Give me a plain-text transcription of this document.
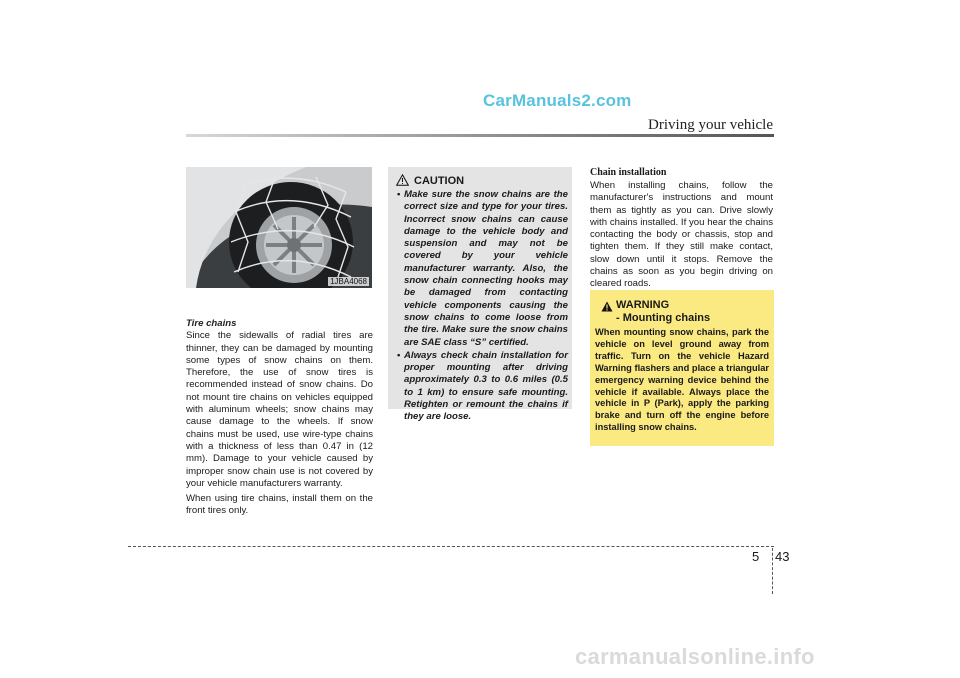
CarManuals2.com
Driving your vehicle
1JBA4068
Tire chains

Since the sidewalls of radial tires are thinner, they can be damaged by mounting some types of snow chains on them. Therefore, the use of snow tires is recommended instead of snow chains. Do not mount tire chains on vehicles equipped with aluminum wheels; snow chains may cause damage to the wheels. If snow chains must be used, use wire-type chains with a thickness of less than 0.47 in (12 mm). Damage to your vehicle caused by improper snow chain use is not covered by your vehicle manufacturers warranty.

When using tire chains, install them on the front tires only.

CAUTION
• Make sure the snow chains are the correct size and type for your tires. Incorrect snow chains can cause damage to the vehicle body and suspension and may not be covered by your vehicle manufacturer warranty. Also, the snow chain connecting hooks may be damaged from contacting vehicle components causing the snow chains to come loose from the tire. Make sure the snow chains are SAE class “S” certified.
• Always check chain installation for proper mounting after driving approximately 0.3 to 0.6 miles (0.5 to 1 km) to ensure safe mounting. Retighten or remount the chains if they are loose.
Chain installation
When installing chains, follow the manufacturer's instructions and mount them as tightly as you can. Drive slowly with chains installed. If you hear the chains contacting the body or chassis, stop and tighten them. If they still make contact, slow down until it stops. Remove the chains as soon as you begin driving on cleared roads.
WARNING
- Mounting chains
When mounting snow chains, park the vehicle on level ground away from traffic. Turn on the vehicle Hazard Warning flashers and place a triangular emergency warning device behind the vehicle if available. Always place the vehicle in P (Park), apply the parking brake and turn off the engine before installing snow chains.
5 43
carmanualsonline.info
